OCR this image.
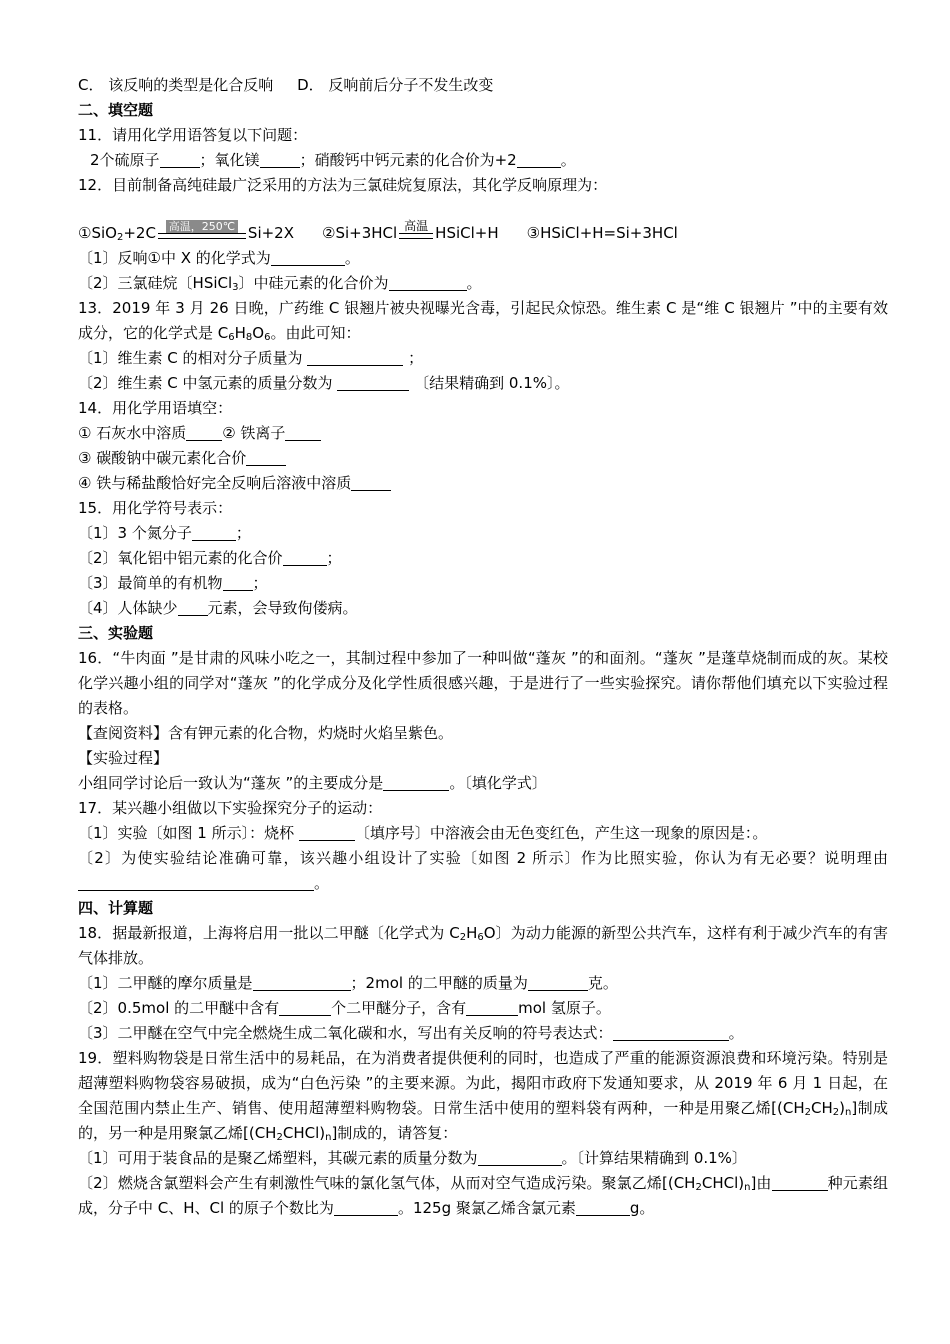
C． 该反响的类型是化合反响 D． 反响前后分子不发生改变
二、填空题
11．请用化学用语答复以下问题：
2个硫原子	；氧化镁	；硝酸钙中钙元素的化合价为+2	。
12．目前制备高纯硅最广泛采用的方法为三氯硅烷复原法，其化学反响原理为：
①SiO$_2$+2C 高温，250℃ Si+2X ②Si+3HCl 高温 HSiCl+H ③HSiCl+H=Si+3HCl
〔1〕反响①中 X 的化学式为	。
〔2〕三氯硅烷〔HSiCl$_3$〕中硅元素的化合价为	。
13．2019 年 3 月 26 日晚，广药维 C 银翘片被央视曝光含毒，引起民众惊恐。维生素 C 是“维 C 银翘片 ”中的主要有效成分，它的化学式是 $C_6H_8O_6$。由此可知：
〔1〕维生素 C 的相对分子质量为	；
〔2〕维生素 C 中氢元素的质量分数为	〔结果精确到 0.1%〕。
14．用化学用语填空：
① 石灰水中溶质 ② 铁离子
③ 碳酸钠中碳元素化合价
④ 铁与稀盐酸恰好完全反响后溶液中溶质
15．用化学符号表示：
〔1〕3 个氮分子	；
〔2〕氧化铝中铝元素的化合价	；
〔3〕最简单的有机物 ；
〔4〕人体缺少 元素，会导致佝偻病。
三、实验题
16．“牛肉面 ”是甘肃的风味小吃之一，其制过程中参加了一种叫做“蓬灰 ”的和面剂。“蓬灰 ”是蓬草烧制而成的灰。某校化学兴趣小组的同学对“蓬灰 ”的化学成分及化学性质很感兴趣，于是进行了一些实验探究。请你帮他们填充以下实验过程的表格。
【查阅资料】含有钾元素的化合物，灼烧时火焰呈紫色。
【实验过程】
小组同学讨论后一致认为“蓬灰 ”的主要成分是	。〔填化学式〕
17．某兴趣小组做以下实验探究分子的运动：
〔1〕实验〔如图 1 所示〕：烧杯	〔填序号〕中溶液会由无色变红色，产生这一现象的原因是：。
〔2〕为使实验结论准确可靠，该兴趣小组设计了实验〔如图 2 所示〕作为比照实验，你认为有无必要？说明理由。
四、计算题
18．据最新报道，上海将启用一批以二甲醚〔化学式为 $C_2H_6O$〕为动力能源的新型公共汽车，这样有利于减少汽车的有害气体排放。
〔1〕二甲醚的摩尔质量是	；2mol 的二甲醚的质量为	克。
〔2〕0.5mol 的二甲醚中含有	个二甲醚分子，含有	mol 氢原子。
〔3〕二甲醚在空气中完全燃烧生成二氧化碳和水，写出有关反响的符号表达式：	。
19．塑料购物袋是日常生活中的易耗品，在为消费者提供便利的同时，也造成了严重的能源资源浪费和环境污染。特别是超薄塑料购物袋容易破损，成为“白色污染 ”的主要来源。为此，揭阳市政府下发通知要求，从 2019 年 6 月 1 日起，在全国范围内禁止生产、销售、使用超薄塑料购物袋。日常生活中使用的塑料袋有两种，一种是用聚乙烯$[(CH_2CH_2)_n]$制成的，另一种是用聚氯乙烯$[(CH_2CHCl)_n]$制成的，请答复：
〔1〕可用于装食品的是聚乙烯塑料，其碳元素的质量分数为	。〔计算结果精确到 0.1%〕
〔2〕燃烧含氯塑料会产生有刺激性气味的氯化氢气体，从而对空气造成污染。聚氯乙烯$[(CH_2CHCl)_n]$由	种元素组成，分子中 C、H、Cl 的原子个数比为	。125g 聚氯乙烯含氯元素	g。
